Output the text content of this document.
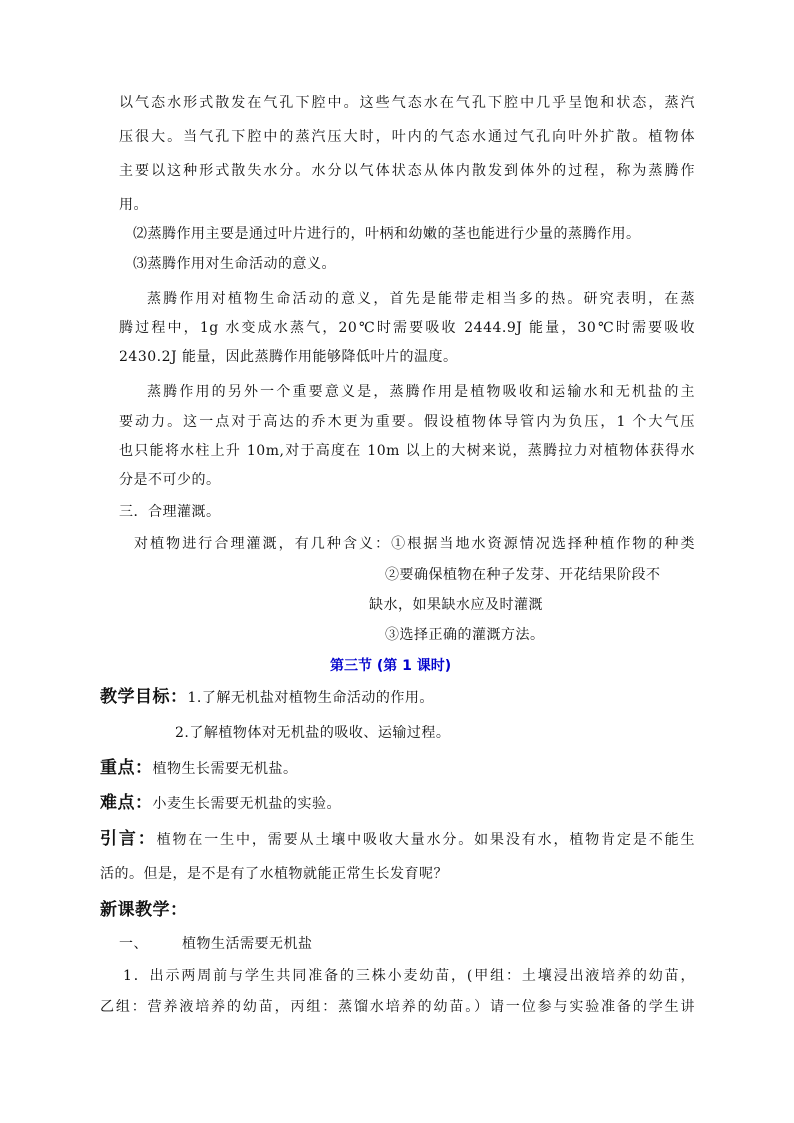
以气态水形式散发在气孔下腔中。这些气态水在气孔下腔中几乎呈饱和状态，蒸汽
压很大。当气孔下腔中的蒸汽压大时，叶内的气态水通过气孔向叶外扩散。植物体
主要以这种形式散失水分。水分以气体状态从体内散发到体外的过程，称为蒸腾作
用。
⑵蒸腾作用主要是通过叶片进行的，叶柄和幼嫩的茎也能进行少量的蒸腾作用。
⑶蒸腾作用对生命活动的意义。
蒸腾作用对植物生命活动的意义，首先是能带走相当多的热。研究表明，在蒸
腾过程中，1g 水变成水蒸气，20℃时需要吸收 2444.9J 能量，30℃时需要吸收
2430.2J 能量，因此蒸腾作用能够降低叶片的温度。
蒸腾作用的另外一个重要意义是，蒸腾作用是植物吸收和运输水和无机盐的主
要动力。这一点对于高达的乔木更为重要。假设植物体导管内为负压，1 个大气压
也只能将水柱上升 10m,对于高度在 10m 以上的大树来说，蒸腾拉力对植物体获得水
分是不可少的。
三．合理灌溉。
对植物进行合理灌溉，有几种含义：①根据当地水资源情况选择种植作物的种类
②要确保植物在种子发芽、开花结果阶段不
缺水，如果缺水应及时灌溉
③选择正确的灌溉方法。
第三节 (第 1 课时)
教学目标：1.了解无机盐对植物生命活动的作用。
2.了解植物体对无机盐的吸收、运输过程。
重点：植物生长需要无机盐。
难点：小麦生长需要无机盐的实验。
引言：植物在一生中，需要从土壤中吸收大量水分。如果没有水，植物肯定是不能生
活的。但是，是不是有了水植物就能正常生长发育呢？
新课教学：
一、 植物生活需要无机盐
1．出示两周前与学生共同准备的三株小麦幼苗，(甲组：土壤浸出液培养的幼苗，
乙组：营养液培养的幼苗，丙组：蒸馏水培养的幼苗。）请一位参与实验准备的学生讲
